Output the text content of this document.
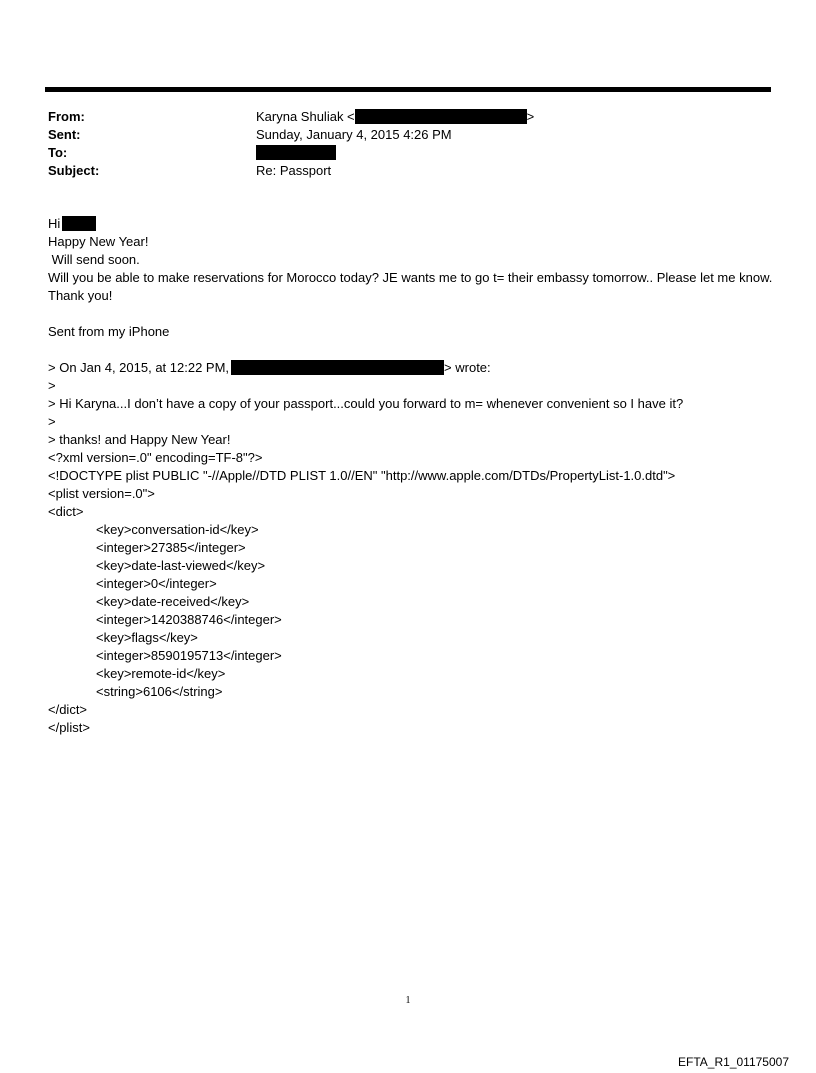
From:	Karyna Shuliak <	>
Sent:	Sunday, January 4, 2015 4:26 PM
To:
Subject:	Re: Passport
Hi
Happy New Year!
Will send soon.
Will you be able to make reservations for Morocco today? JE wants me to go t= their embassy tomorrow.. Please let me know.
Thank you!
Sent from my iPhone
> On Jan 4, 2015, at 12:22 PM,	> wrote:
>
> Hi Karyna...I don’t have a copy of your passport...could you forward to m= whenever convenient so I have it?
>
> thanks! and Happy New Year!
<?xml version=.0" encoding=TF-8"?>
<!DOCTYPE plist PUBLIC "-//Apple//DTD PLIST 1.0//EN" "http://www.apple.com/DTDs/PropertyList-1.0.dtd">
<plist version=.0">
<dict>
<key>conversation-id</key>
<integer>27385</integer>
<key>date-last-viewed</key>
<integer>0</integer>
<key>date-received</key>
<integer>1420388746</integer>
<key>flags</key>
<integer>8590195713</integer>
<key>remote-id</key>
<string>6106</string>
</dict>
</plist>
1
EFTA_R1_01175007
